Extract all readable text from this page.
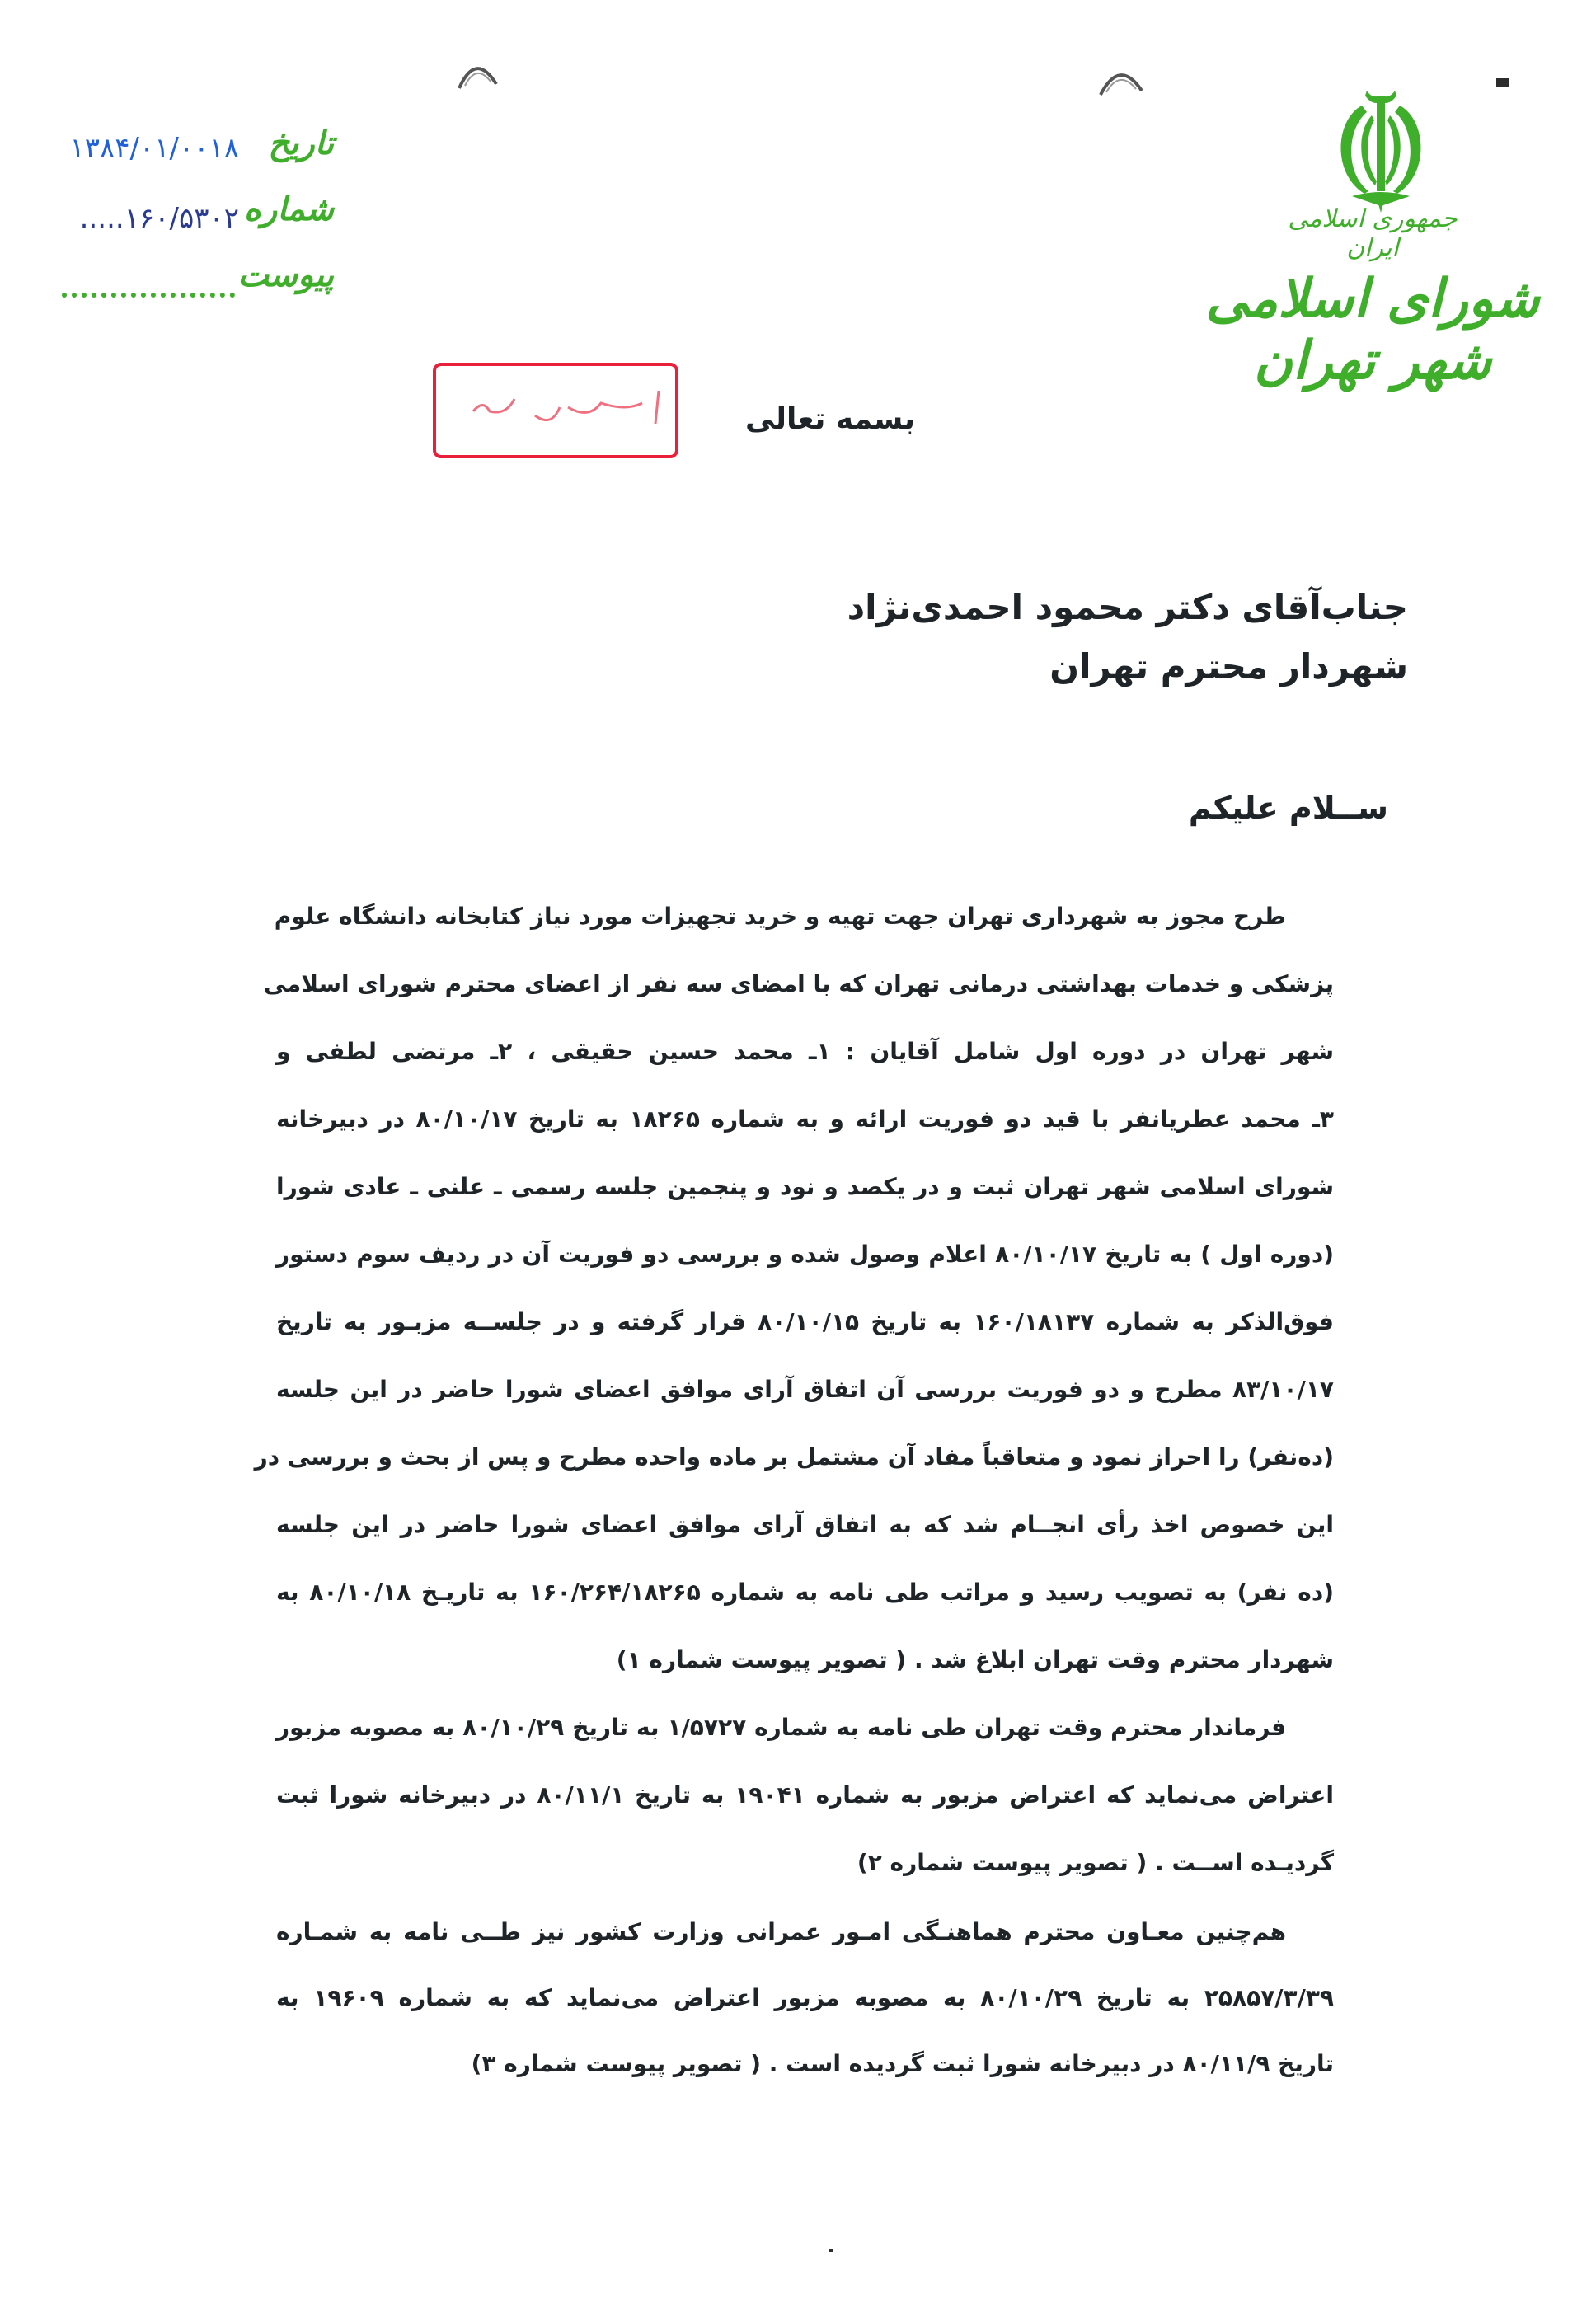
جمهوری اسلامی ایران
شورای اسلامی شهر تهران
تاریخ
۱۳۸۴/۰۱/۰۰۱۸
شماره
۱۶۰/۵۳۰۲.....
پیوست
بسمه تعالی
جناب‌آقای دکتر محمود احمدی‌نژاد
شهردار محترم تهران
ســلام علیکم
طرح مجوز به شهرداری تهران جهت تهیه و خرید تجهیزات مورد نیاز کتابخانه دانشگاه علوم
پزشکی و خدمات بهداشتی درمانی تهران که با امضای سه نفر از اعضای محترم شورای اسلامی
شهر تهران در دوره اول شامل آقایان : ۱ـ محمد حسین حقیقی ، ۲ـ مرتضی لطفی و
۳ـ محمد عطریانفر با قید دو فوریت ارائه و به شماره ۱۸۲۶۵ به تاریخ ۸۰/۱۰/۱۷ در دبیرخانه
شورای اسلامی شهر تهران ثبت و در یکصد و نود و پنجمین جلسه رسمی ـ علنی ـ عادی شورا
(دوره اول ) به تاریخ ۸۰/۱۰/۱۷ اعلام وصول شده و بررسی دو فوریت آن در ردیف سوم دستور
فوق‌الذکر به شماره ۱۶۰/۱۸۱۳۷ به تاریخ ۸۰/۱۰/۱۵ قرار گرفته و در جلســه مزبـور به تاریخ
۸۳/۱۰/۱۷ مطرح و دو فوریت بررسی آن اتفاق آرای موافق اعضای شورا حاضر در این جلسه
(ده‌نفر) را احراز نمود و متعاقباً مفاد آن مشتمل بر ماده واحده مطرح و پس از بحث و بررسی در
این خصوص اخذ رأی انجــام شد که به اتفاق آرای موافق اعضای شورا حاضر در این جلسه
(ده نفر) به تصویب رسید و مراتب طی نامه به شماره ۱۶۰/۲۶۴/۱۸۲۶۵ به تاریـخ ۸۰/۱۰/۱۸ به
شهردار محترم وقت تهران ابلاغ شد . ( تصویر پیوست شماره ۱)
فرماندار محترم وقت تهران طی نامه به شماره ۱/۵۷۲۷ به تاریخ ۸۰/۱۰/۲۹ به مصوبه مزبور
اعتراض می‌نماید که اعتراض مزبور به شماره ۱۹۰۴۱ به تاریخ ۸۰/۱۱/۱ در دبیرخانه شورا ثبت
گردیـده اســت . ( تصویر پیوست شماره ۲)
هم‌چنین معـاون محترم هماهنـگی امـور عمرانی وزارت کشور نیز طــی نامه به شمـاره
۲۵۸۵۷/۳/۳۹ به تاریخ ۸۰/۱۰/۲۹ به مصوبه مزبور اعتراض می‌نماید که به شماره ۱۹۶۰۹ به
تاریخ ۸۰/۱۱/۹ در دبیرخانه شورا ثبت گردیده است . ( تصویر پیوست شماره ۳)
